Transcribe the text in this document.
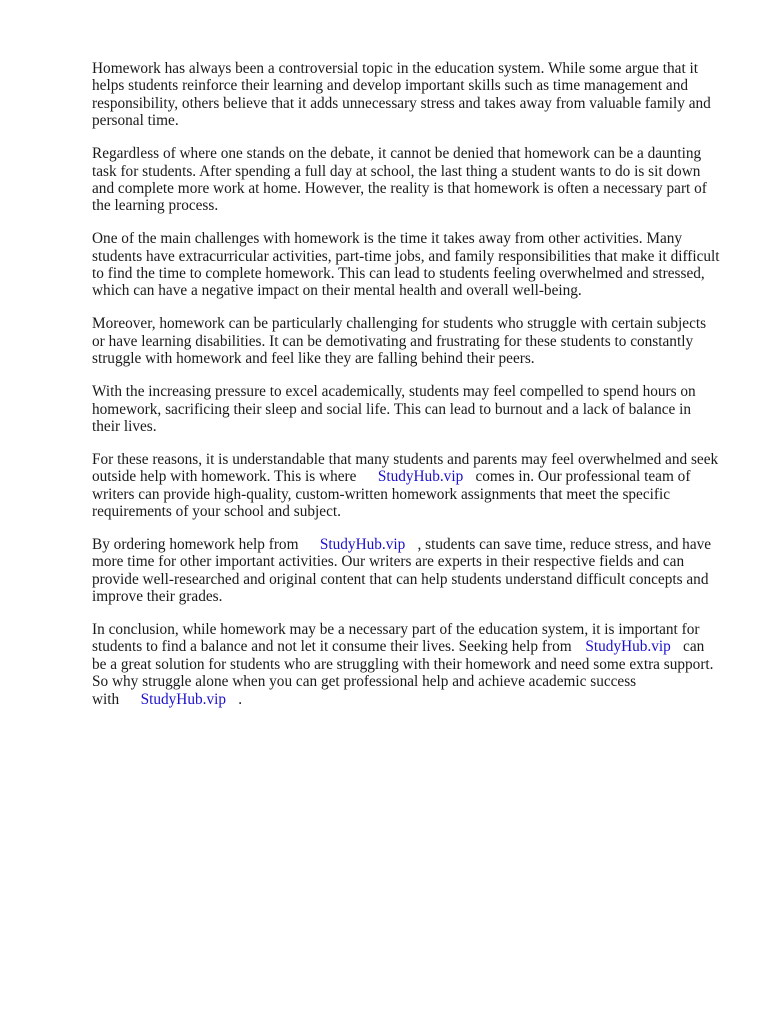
Homework has always been a controversial topic in the education system. While some argue that it helps students reinforce their learning and develop important skills such as time management and responsibility, others believe that it adds unnecessary stress and takes away from valuable family and personal time.

Regardless of where one stands on the debate, it cannot be denied that homework can be a daunting task for students. After spending a full day at school, the last thing a student wants to do is sit down and complete more work at home. However, the reality is that homework is often a necessary part of the learning process.

One of the main challenges with homework is the time it takes away from other activities. Many students have extracurricular activities, part-time jobs, and family responsibilities that make it difficult to find the time to complete homework. This can lead to students feeling overwhelmed and stressed, which can have a negative impact on their mental health and overall well-being.

Moreover, homework can be particularly challenging for students who struggle with certain subjects or have learning disabilities. It can be demotivating and frustrating for these students to constantly struggle with homework and feel like they are falling behind their peers.

With the increasing pressure to excel academically, students may feel compelled to spend hours on homework, sacrificing their sleep and social life. This can lead to burnout and a lack of balance in their lives.

For these reasons, it is understandable that many students and parents may feel overwhelmed and seek outside help with homework. This is where StudyHub.vip comes in. Our professional team of writers can provide high-quality, custom-written homework assignments that meet the specific requirements of your school and subject.

By ordering homework help from StudyHub.vip , students can save time, reduce stress, and have more time for other important activities. Our writers are experts in their respective fields and can provide well-researched and original content that can help students understand difficult concepts and improve their grades.

In conclusion, while homework may be a necessary part of the education system, it is important for students to find a balance and not let it consume their lives. Seeking help from StudyHub.vip can be a great solution for students who are struggling with their homework and need some extra support. So why struggle alone when you can get professional help and achieve academic success with StudyHub.vip .
